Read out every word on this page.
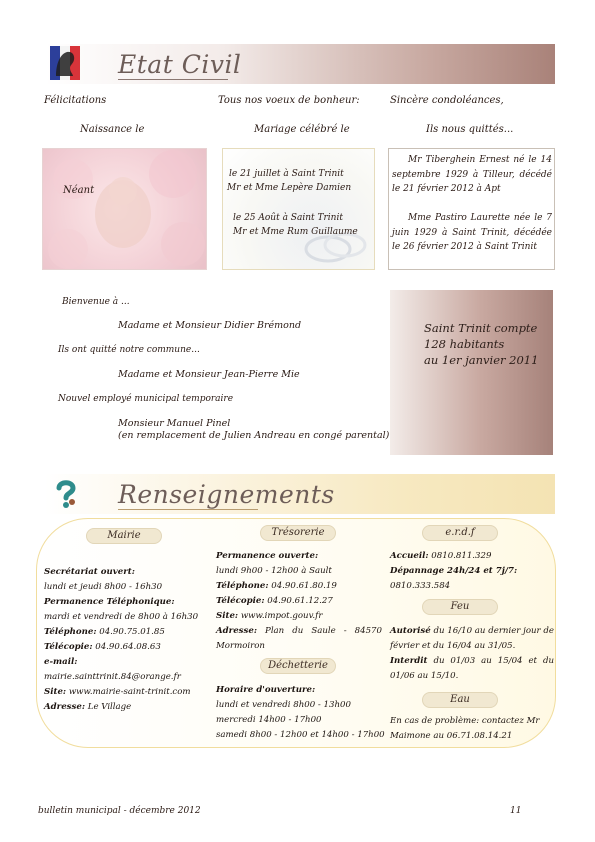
Etat Civil
Félicitations	Tous nos voeux de bonheur:	Sincère condoléances,
Naissance le	Mariage célébré le	Ils nous quittés...
Néant
le 21 juillet à Saint Trinit
Mr et Mme Lepère Damien
le 25 Août à Saint Trinit
Mr et Mme Rum Guillaume
Mr Tiberghein Ernest né le 14 septembre 1929 à Tilleur, décédé le 21 février 2012 à Apt
Mme Pastiro Laurette née le 7 juin 1929 à Saint Trinit, décédée le 26 février 2012 à Saint Trinit
Bienvenue à ...
Madame et Monsieur Didier Brémond
Ils ont quitté notre commune...
Madame et Monsieur Jean-Pierre Mie
Nouvel employé municipal temporaire
Monsieur Manuel Pinel
(en remplacement de Julien Andreau en congé parental)
Saint Trinit compte
128 habitants
au 1er janvier 2011
Renseignements
Mairie
Secrétariat ouvert:
lundi et jeudi 8h00 - 16h30
Permanence Téléphonique:
mardi et vendredi de 8h00 à 16h30
Téléphone: 04.90.75.01.85
Télécopie: 04.90.64.08.63
e-mail: mairie.sainttrinit.84@orange.fr
Site: www.mairie-saint-trinit.com
Adresse: Le Village
Trésorerie
Permanence ouverte:
lundi 9h00 - 12h00 à Sault
Téléphone: 04.90.61.80.19
Télécopie: 04.90.61.12.27
Site: www.impot.gouv.fr
Adresse: Plan du Saule - 84570 Mormoiron
Déchetterie
Horaire d'ouverture:
lundi et vendredi 8h00 - 13h00
mercredi 14h00 - 17h00
samedi 8h00 - 12h00 et 14h00 - 17h00
e.r.d.f
Accueil: 0810.811.329
Dépannage 24h/24 et 7j/7:
0810.333.584
Feu
Autorisé du 16/10 au dernier jour de février et du 16/04 au 31/05.
Interdit du 01/03 au 15/04 et du 01/06 au 15/10.
Eau
En cas de problème: contactez Mr Maimone au 06.71.08.14.21
bulletin municipal - décembre 2012	11
